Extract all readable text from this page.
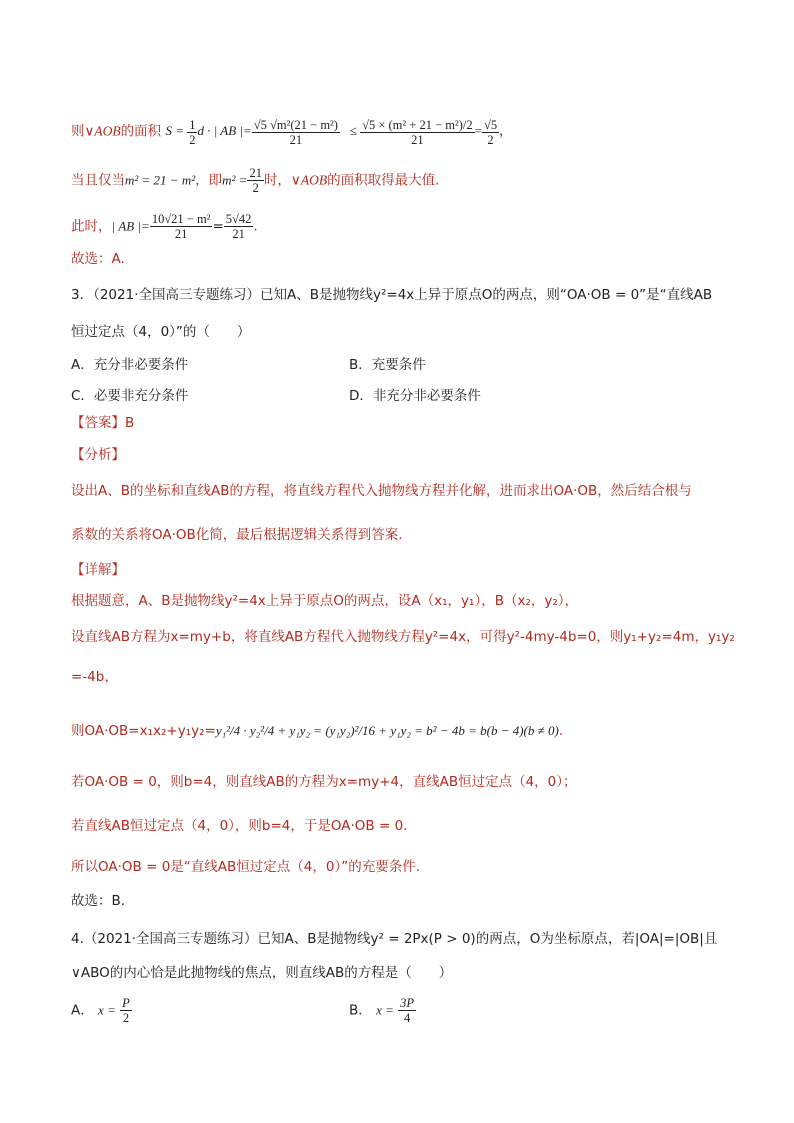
则∨AOB的面积 $S = \frac{1}{2}$ d · | AB |= $\frac{\text{√5 √m²(21 − m²)}}{21} \le \frac{\text{√5 × (m² + 21 − m²)/2}}{21} = \frac{√5}{2}$ ，
当且仅当m² = 21 − m²，即$m^2 = \frac{21}{2}$ 时，∨AOB的面积取得最大值.
此时，| AB |= $\frac{\text{10√21 − m²}}{21} = \frac{5√42}{21}$ .
故选：A.
3．（2021·全国高三专题练习）已知A、B是抛物线y²=4x上异于原点O的两点，则“OA·OB = 0”是“直线AB
恒过定点（4，0）”的（　　）
A．充分非必要条件	B．充要条件
C．必要非充分条件	D．非充分非必要条件
【答案】B
【分析】
设出A、B的坐标和直线AB的方程，将直线方程代入抛物线方程并化解，进而求出OA·OB，然后结合根与
系数的关系将OA·OB化简，最后根据逻辑关系得到答案.
【详解】
根据题意，A、B是抛物线y²=4x上异于原点O的两点，设A（x₁，y₁），B（x₂，y₂），
设直线AB方程为x=my+b，将直线AB方程代入抛物线方程y²=4x，可得y²-4my-4b=0，则y₁+y₂=4m，y₁y₂
=-4b，
则OA·OB=x₁x₂+y₁y₂=y₁²/4 · y₂²/4 + y₁y₂ = (y₁y₂)²/16 + y₁y₂ = b² − 4b = b(b − 4)(b ≠ 0).
若OA·OB = 0，则b=4，则直线AB的方程为x=my+4，直线AB恒过定点（4，0）；
若直线AB恒过定点（4，0），则b=4，于是OA·OB = 0.
所以OA·OB = 0是“直线AB恒过定点（4，0）”的充要条件.
故选：B．
4.（2021·全国高三专题练习）已知A、B是抛物线y² = 2Px(P > 0)的两点，O为坐标原点，若|OA|=|OB|且
∨ABO的内心恰是此抛物线的焦点，则直线AB的方程是（　　）
A． $x = \frac{P}{2}$	B． $x = \frac{3P}{4}$
